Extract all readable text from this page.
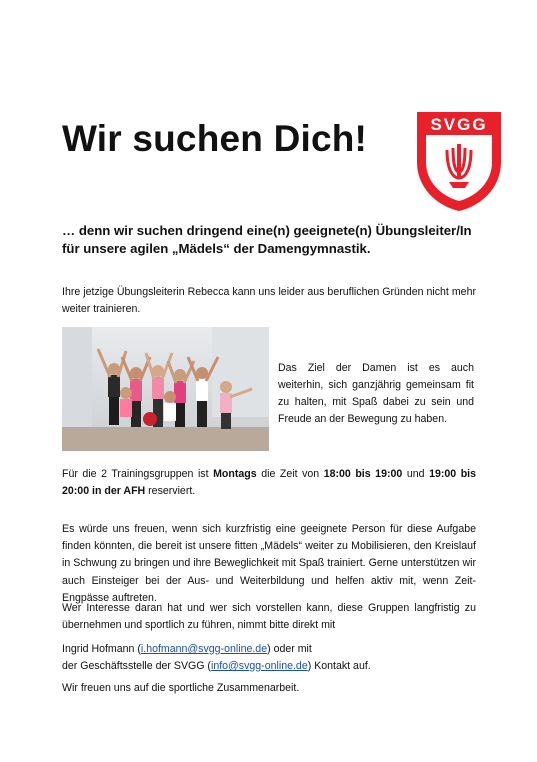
SVGG
Wir suchen Dich!

… denn wir suchen dringend eine(n) geeignete(n) Übungsleiter/In für unsere agilen „Mädels“ der Damengymnastik.

Ihre jetzige Übungsleiterin Rebecca kann uns leider aus beruflichen Gründen nicht mehr weiter trainieren.

Das Ziel der Damen ist es auch weiterhin, sich ganzjährig gemeinsam fit zu halten, mit Spaß dabei zu sein und Freude an der Bewegung zu haben.

Für die 2 Trainingsgruppen ist Montags die Zeit von 18:00 bis 19:00 und 19:00 bis 20:00 in der AFH reserviert.

Es würde uns freuen, wenn sich kurzfristig eine geeignete Person für diese Aufgabe finden könnten, die bereit ist unsere fitten „Mädels“ weiter zu Mobilisieren, den Kreislauf in Schwung zu bringen und ihre Beweglichkeit mit Spaß trainiert. Gerne unterstützen wir auch Einsteiger bei der Aus- und Weiterbildung und helfen aktiv mit, wenn Zeit-Engpässe auftreten.

Wer Interesse daran hat und wer sich vorstellen kann, diese Gruppen langfristig zu übernehmen und sportlich zu führen, nimmt bitte direkt mit

Ingrid Hofmann (i.hofmann@svgg-online.de) oder mit

der Geschäftsstelle der SVGG (info@svgg-online.de) Kontakt auf.

Wir freuen uns auf die sportliche Zusammenarbeit.
